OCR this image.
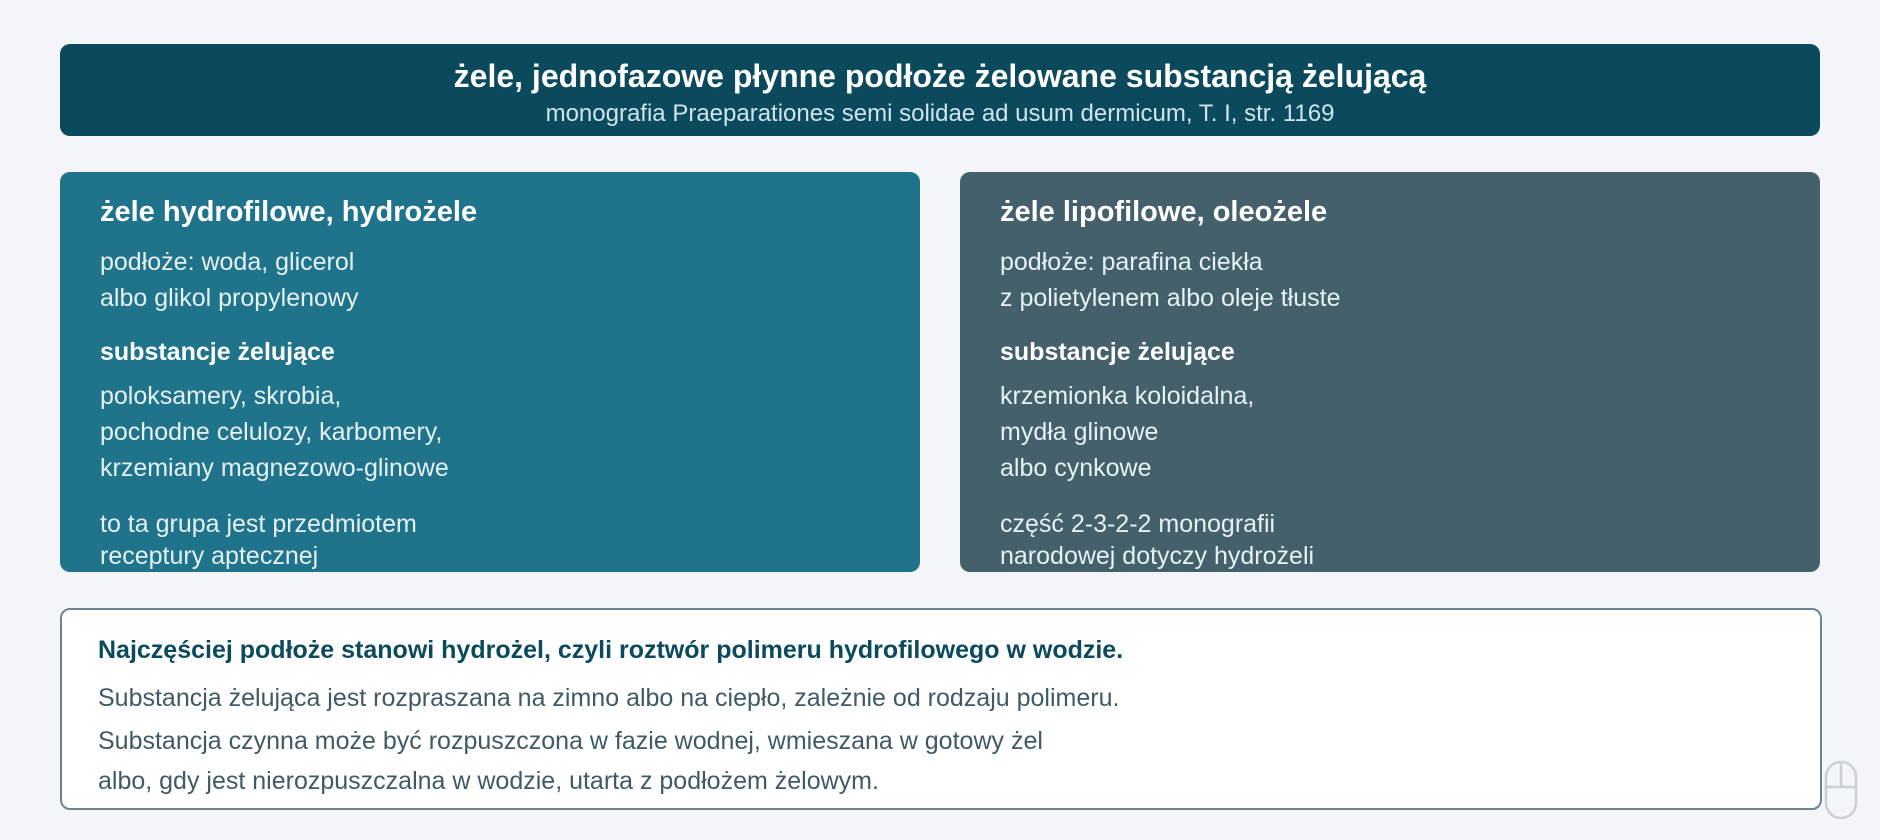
żele, jednofazowe płynne podłoże żelowane substancją żelującą
monografia Praeparationes semi solidae ad usum dermicum, T. I, str. 1169
żele hydrofilowe, hydrożele
podłoże: woda, glicerol
albo glikol propylenowy
substancje żelujące
poloksamery, skrobia,
pochodne celulozy, karbomery,
krzemiany magnezowo-glinowe
to ta grupa jest przedmiotem
receptury aptecznej
żele lipofilowe, oleożele
podłoże: parafina ciekła
z polietylenem albo oleje tłuste
substancje żelujące
krzemionka koloidalna,
mydła glinowe
albo cynkowe
część 2-3-2-2 monografii
narodowej dotyczy hydrożeli
Najczęściej podłoże stanowi hydrożel, czyli roztwór polimeru hydrofilowego w wodzie.
Substancja żelująca jest rozpraszana na zimno albo na ciepło, zależnie od rodzaju polimeru.
Substancja czynna może być rozpuszczona w fazie wodnej, wmieszana w gotowy żel
albo, gdy jest nierozpuszczalna w wodzie, utarta z podłożem żelowym.
